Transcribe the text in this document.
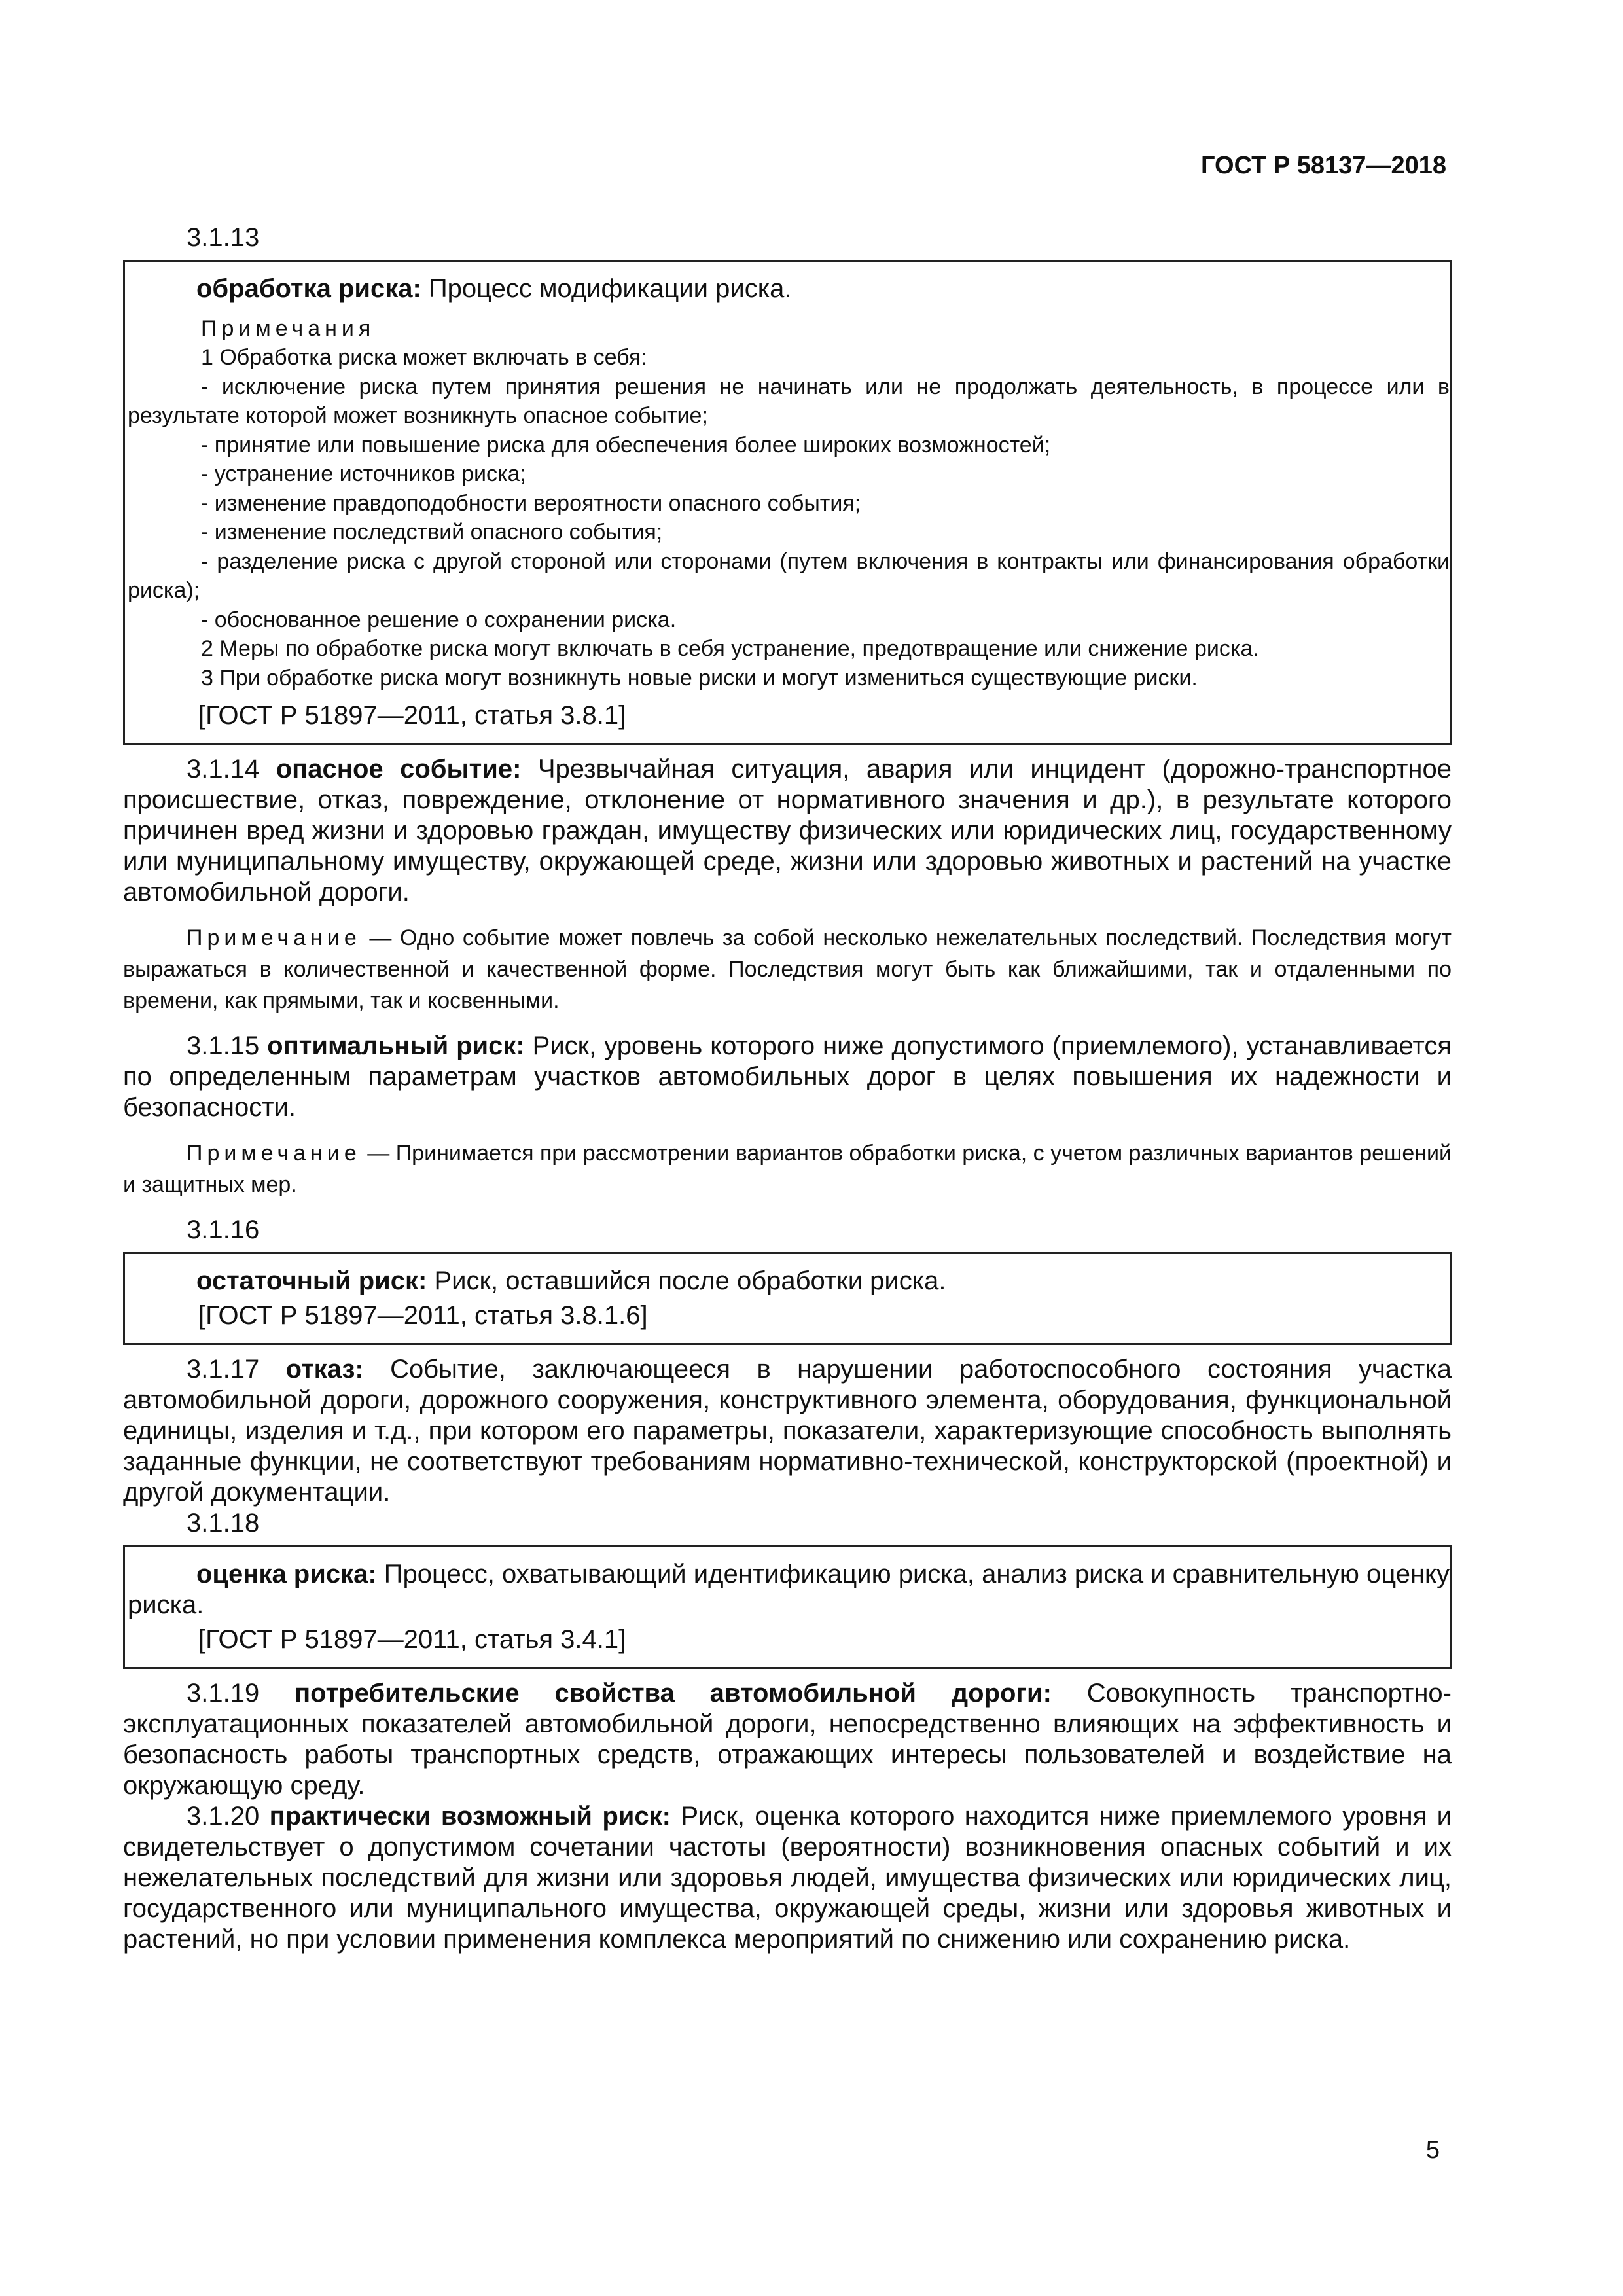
ГОСТ Р 58137—2018

3.1.13

обработка риска: Процесс модификации риска.

Примечания

1 Обработка риска может включать в себя:

- исключение риска путем принятия решения не начинать или не продолжать деятельность, в процессе или в результате которой может возникнуть опасное событие;

- принятие или повышение риска для обеспечения более широких возможностей;

- устранение источников риска;

- изменение правдоподобности вероятности опасного события;

- изменение последствий опасного события;

- разделение риска с другой стороной или сторонами (путем включения в контракты или финансирования обработки риска);

- обоснованное решение о сохранении риска.

2 Меры по обработке риска могут включать в себя устранение, предотвращение или снижение риска.

3 При обработке риска могут возникнуть новые риски и могут измениться существующие риски.

[ГОСТ Р 51897—2011, статья 3.8.1]

3.1.14 опасное событие: Чрезвычайная ситуация, авария или инцидент (дорожно-транспортное происшествие, отказ, повреждение, отклонение от нормативного значения и др.), в результате которого причинен вред жизни и здоровью граждан, имуществу физических или юридических лиц, государственному или муниципальному имуществу, окружающей среде, жизни или здоровью животных и растений на участке автомобильной дороги.

Примечание — Одно событие может повлечь за собой несколько нежелательных последствий. Последствия могут выражаться в количественной и качественной форме. Последствия могут быть как ближайшими, так и отдаленными по времени, как прямыми, так и косвенными.

3.1.15 оптимальный риск: Риск, уровень которого ниже допустимого (приемлемого), устанавливается по определенным параметрам участков автомобильных дорог в целях повышения их надежности и безопасности.

Примечание — Принимается при рассмотрении вариантов обработки риска, с учетом различных вариантов решений и защитных мер.

3.1.16

остаточный риск: Риск, оставшийся после обработки риска.

[ГОСТ Р 51897—2011, статья 3.8.1.6]

3.1.17 отказ: Событие, заключающееся в нарушении работоспособного состояния участка автомобильной дороги, дорожного сооружения, конструктивного элемента, оборудования, функциональной единицы, изделия и т.д., при котором его параметры, показатели, характеризующие способность выполнять заданные функции, не соответствуют требованиям нормативно-технической, конструкторской (проектной) и другой документации.

3.1.18

оценка риска: Процесс, охватывающий идентификацию риска, анализ риска и сравнительную оценку риска.

[ГОСТ Р 51897—2011, статья 3.4.1]

3.1.19 потребительские свойства автомобильной дороги: Совокупность транспортно-эксплуатационных показателей автомобильной дороги, непосредственно влияющих на эффективность и безопасность работы транспортных средств, отражающих интересы пользователей и воздействие на окружающую среду.

3.1.20 практически возможный риск: Риск, оценка которого находится ниже приемлемого уровня и свидетельствует о допустимом сочетании частоты (вероятности) возникновения опасных событий и их нежелательных последствий для жизни или здоровья людей, имущества физических или юридических лиц, государственного или муниципального имущества, окружающей среды, жизни или здоровья животных и растений, но при условии применения комплекса мероприятий по снижению или сохранению риска.

5
